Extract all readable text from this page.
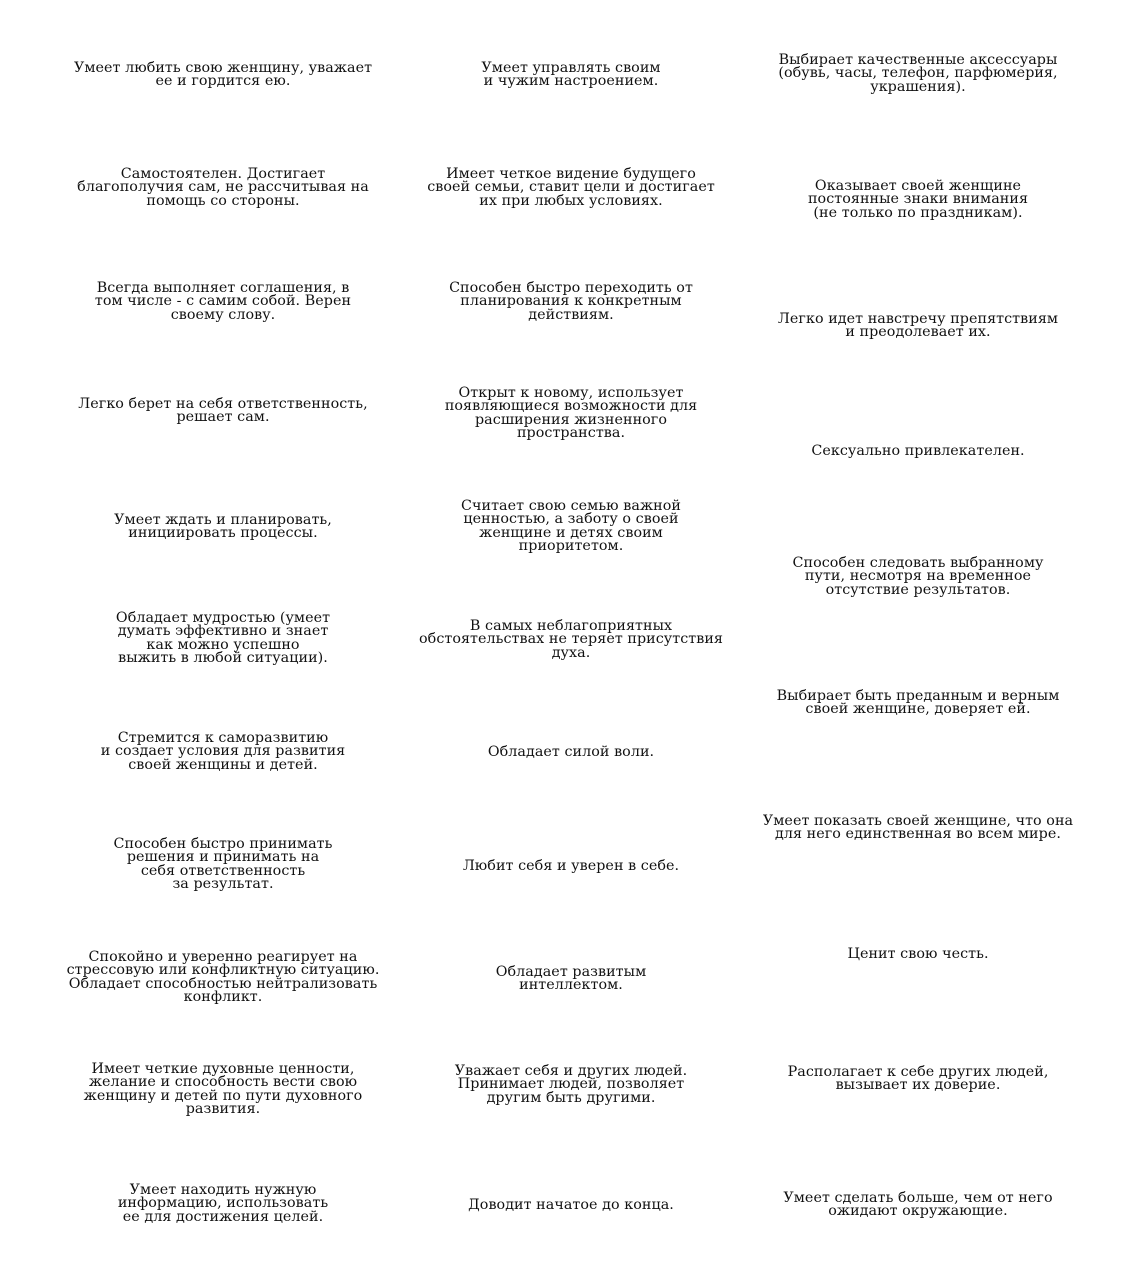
Умеет любить свою женщину, уважает
ее и гордится ею.
Самостоятелен. Достигает
благополучия сам, не рассчитывая на
помощь со стороны.
Всегда выполняет соглашения, в
том числе - с самим собой. Верен
своему слову.
Легко берет на себя ответственность,
решает сам.
Умеет ждать и планировать,
инициировать процессы.
Обладает мудростью (умеет
думать эффективно и знает
как можно успешно
выжить в любой ситуации).
Стремится к саморазвитию
и создает условия для развития
своей женщины и детей.
Способен быстро принимать
решения и принимать на
себя ответственность
за результат.
Спокойно и уверенно реагирует на
стрессовую или конфликтную ситуацию.
Обладает способностью нейтрализовать
конфликт.
Имеет четкие духовные ценности,
желание и способность вести свою
женщину и детей по пути духовного
развития.
Умеет находить нужную
информацию, использовать
ее для достижения целей.
Умеет управлять своим
и чужим настроением.
Имеет четкое видение будущего
своей семьи, ставит цели и достигает
их при любых условиях.
Способен быстро переходить от
планирования к конкретным
действиям.
Открыт к новому, использует
появляющиеся возможности для
расширения жизненного
пространства.
Считает свою семью важной
ценностью, а заботу о своей
женщине и детях своим
приоритетом.
В самых неблагоприятных
обстоятельствах не теряет присутствия
духа.
Обладает силой воли.
Любит себя и уверен в себе.
Обладает развитым
интеллектом.
Уважает себя и других людей.
Принимает людей, позволяет
другим быть другими.
Доводит начатое до конца.
Выбирает качественные аксессуары
(обувь, часы, телефон, парфюмерия,
украшения).
Оказывает своей женщине
постоянные знаки внимания
(не только по праздникам).
Легко идет навстречу препятствиям
и преодолевает их.
Сексуально привлекателен.
Способен следовать выбранному
пути, несмотря на временное
отсутствие результатов.
Выбирает быть преданным и верным
своей женщине, доверяет ей.
Умеет показать своей женщине, что она
для него единственная во всем мире.
Ценит свою честь.
Располагает к себе других людей,
вызывает их доверие.
Умеет сделать больше, чем от него
ожидают окружающие.
